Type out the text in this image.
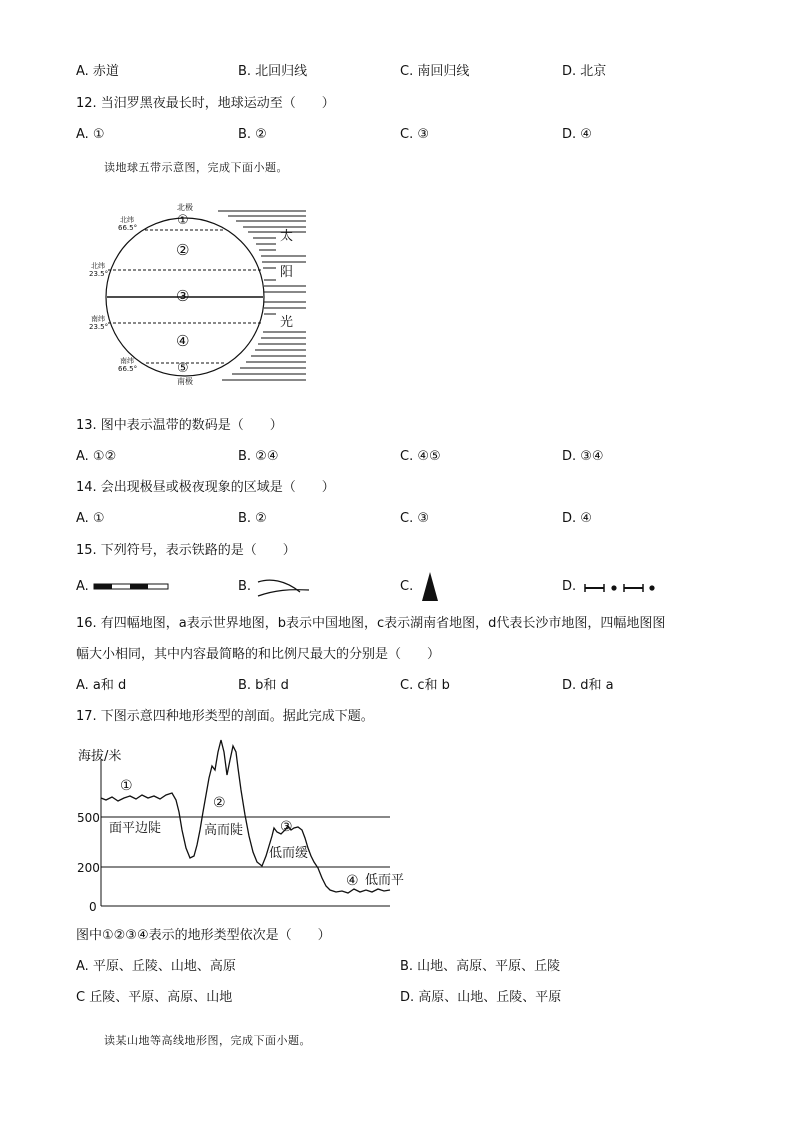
A. 赤道	B. 北回归线	C. 南回归线	D. 北京
12. 当汨罗黑夜最长时，地球运动至（　　）
A. ①	B. ②	C. ③	D. ④
读地球五带示意图，完成下面小题。
北极
南极
北纬
66.5°
北纬
23.5°
南纬
23.5°
南纬
66.5°
①
②
③
④
⑤
太
阳
光
13. 图中表示温带的数码是（　　）
A. ①②	B. ②④	C. ④⑤	D. ③④
14. 会出现极昼或极夜现象的区域是（　　）
A. ①	B. ②	C. ③	D. ④
15. 下列符号，表示铁路的是（　　）
A.	B.	C.	D.
16. 有四幅地图，a表示世界地图，b表示中国地图，c表示湖南省地图，d代表长沙市地图，四幅地图图
幅大小相同，其中内容最简略的和比例尺最大的分别是（　　）
A. a和 d	B. b和 d	C. c和 b	D. d和 a
17. 下图示意四种地形类型的剖面。据此完成下题。
海拔/米
500
200
0
①
②
③
④
面平边陡	高而陡
低而缓
低而平
图中①②③④表示的地形类型依次是（　　）
A. 平原、丘陵、山地、高原	B. 山地、高原、平原、丘陵
C 丘陵、平原、高原、山地	D. 高原、山地、丘陵、平原
读某山地等高线地形图，完成下面小题。
